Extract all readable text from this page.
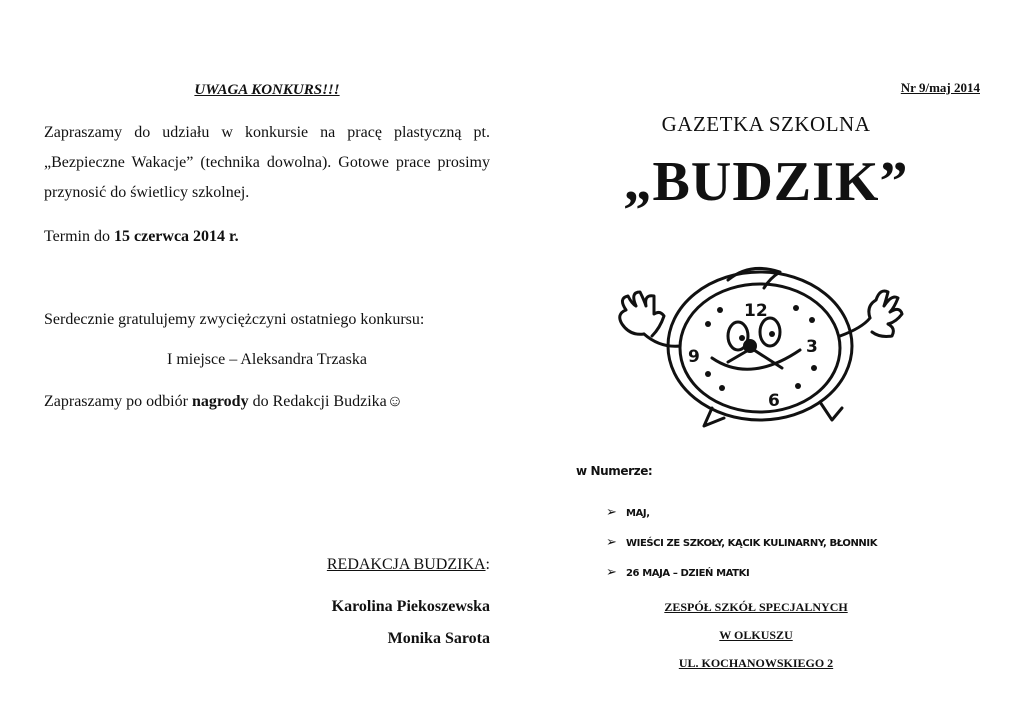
UWAGA KONKURS!!!
Zapraszamy do udziału w konkursie na pracę plastyczną pt. „Bezpieczne Wakacje” (technika dowolna). Gotowe prace prosimy przynosić do świetlicy szkolnej.
Termin do 15 czerwca 2014 r.
Serdecznie gratulujemy zwyciężczyni ostatniego konkursu:
I miejsce – Aleksandra Trzaska
Zapraszamy po odbiór nagrody do Redakcji Budzika☺
REDAKCJA BUDZIKA:
Karolina Piekoszewska
Monika Sarota
Nr 9/maj 2014
GAZETKA SZKOLNA
„BUDZIK”
12
3
6
9
w Numerze:
➢ MAJ,
➢ WIEŚCI ZE SZKOŁY, KĄCIK KULINARNY, BŁONNIK
➢ 26 MAJA – DZIEŃ MATKI
ZESPÓŁ SZKÓŁ SPECJALNYCH
W OLKUSZU
UL. KOCHANOWSKIEGO 2
